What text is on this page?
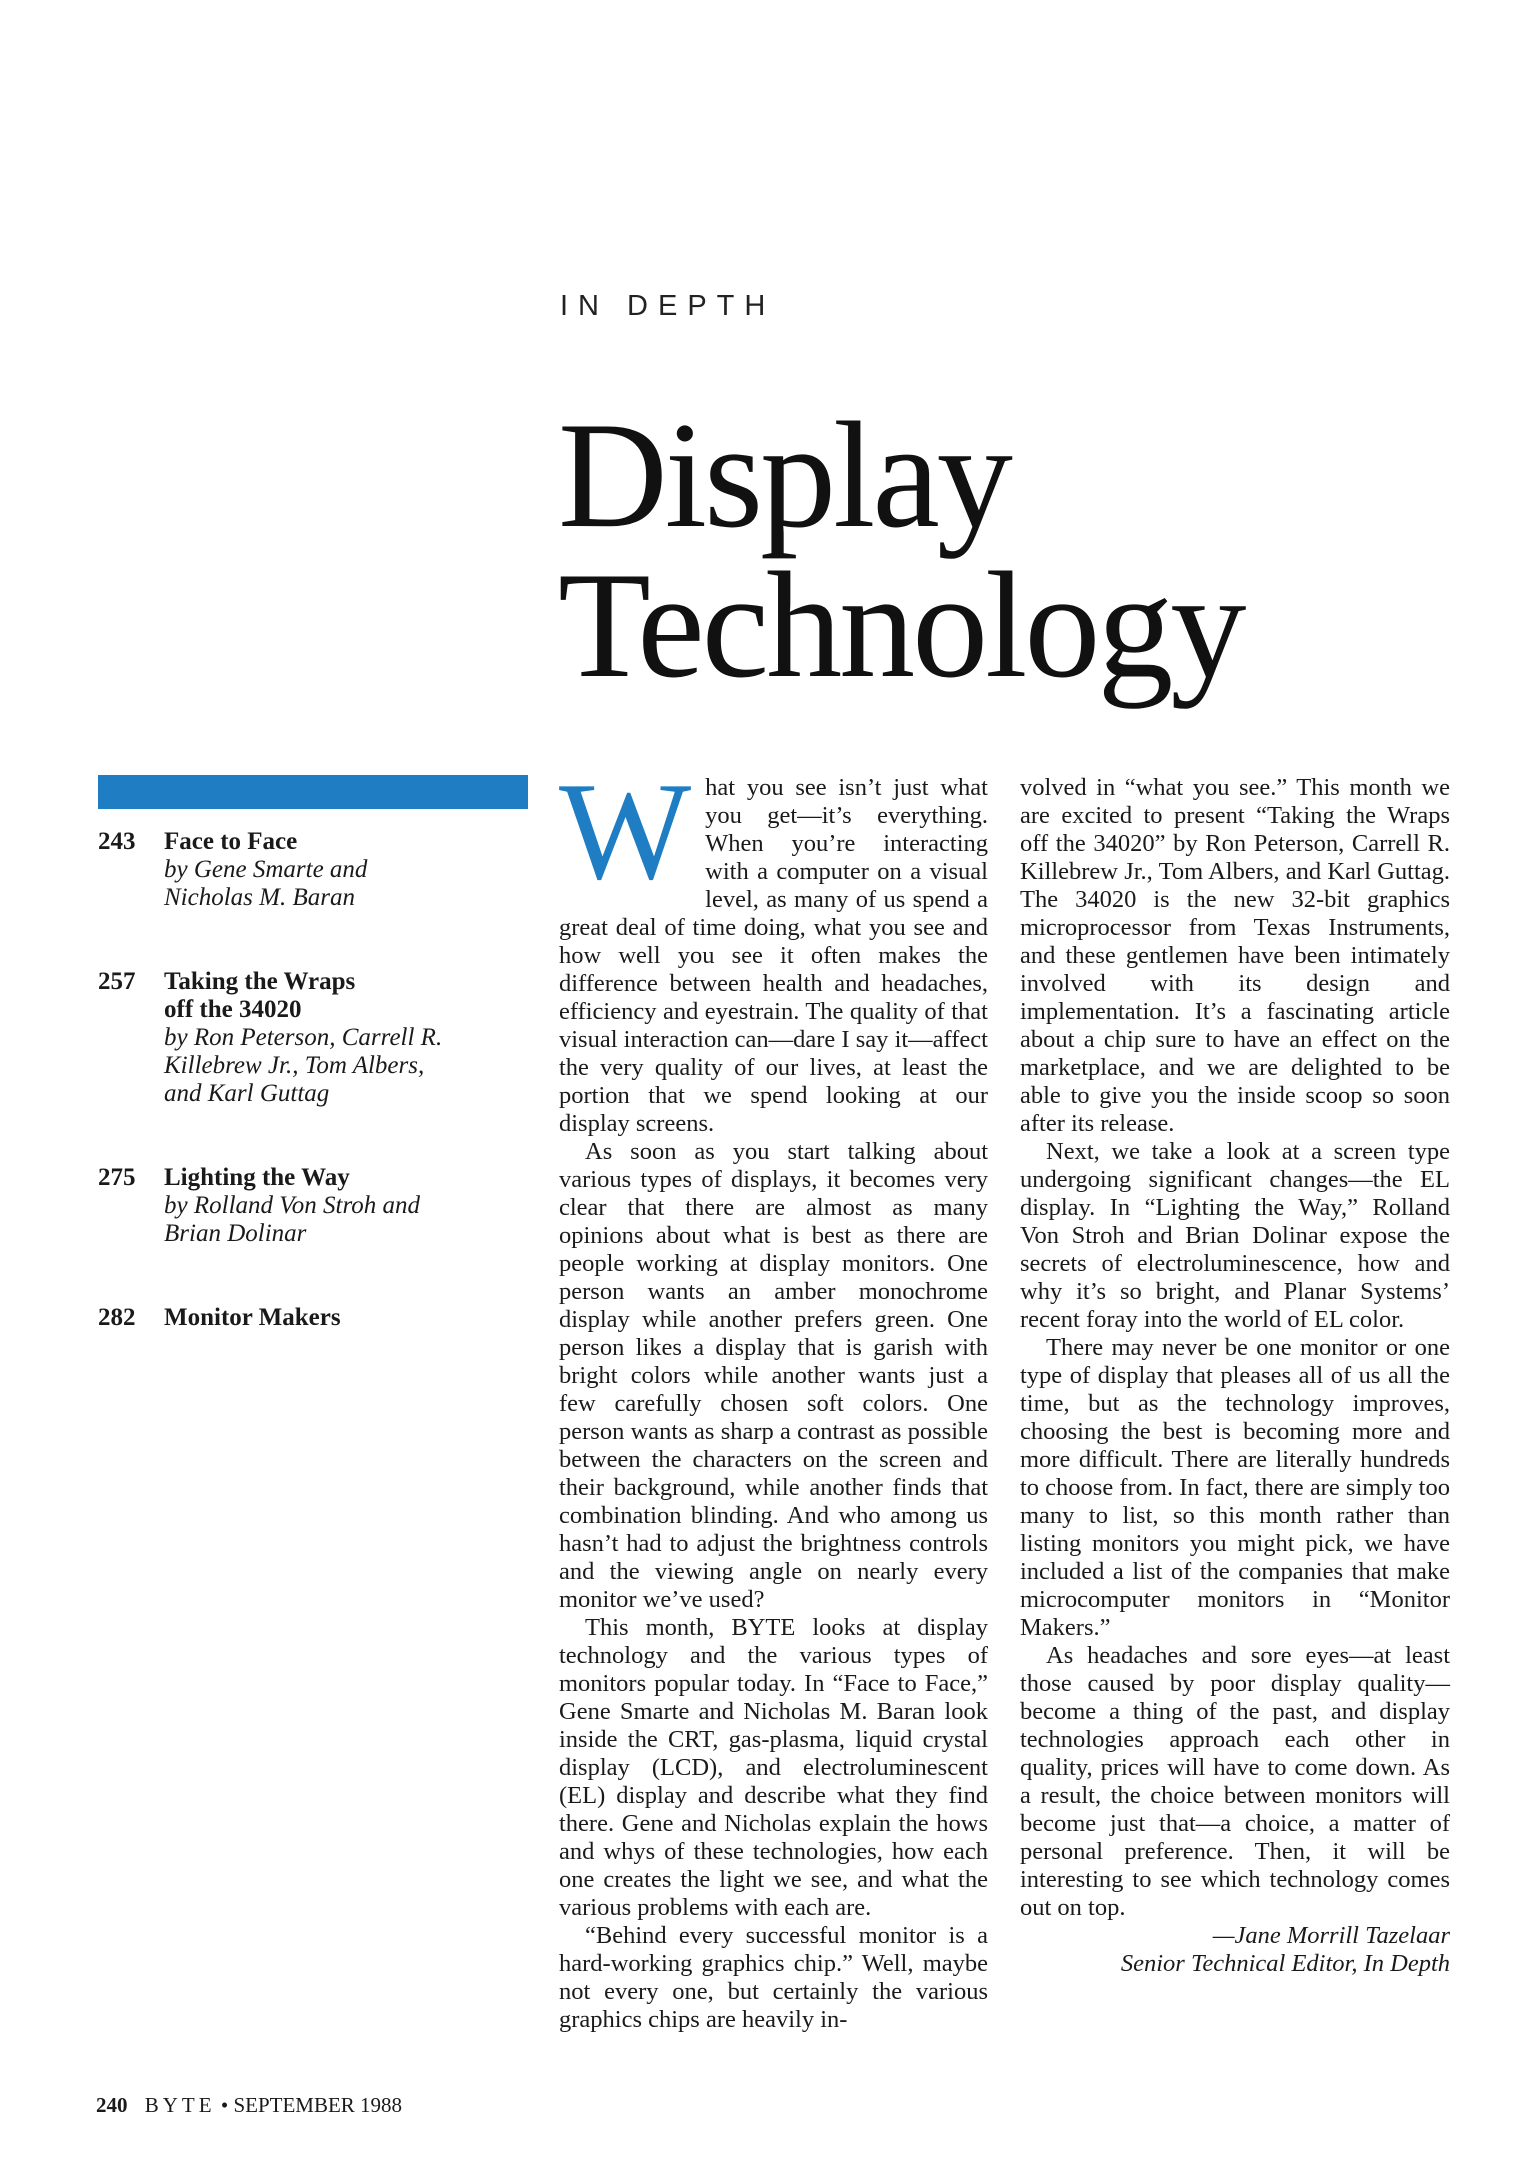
IN DEPTH
Display
Technology
243 Face to Face
by Gene Smarte and
Nicholas M. Baran
257 Taking the Wraps
off the 34020
by Ron Peterson, Carrell R.
Killebrew Jr., Tom Albers,
and Karl Guttag
275 Lighting the Way
by Rolland Von Stroh and
Brian Dolinar
282 Monitor Makers
W hat you see isn’t just what you get—it’s everything. When you’re interacting with a computer on a visual level, as many of us spend a great deal of time doing, what you see and how well you see it often makes the difference between health and headaches, efficiency and eyestrain. The quality of that visual interaction can—dare I say it—affect the very quality of our lives, at least the portion that we spend looking at our display screens.

As soon as you start talking about various types of displays, it becomes very clear that there are almost as many opinions about what is best as there are people working at display monitors. One person wants an amber monochrome display while another prefers green. One person likes a display that is garish with bright colors while another wants just a few carefully chosen soft colors. One person wants as sharp a contrast as possible between the characters on the screen and their background, while another finds that combination blinding. And who among us hasn’t had to adjust the brightness controls and the viewing angle on nearly every monitor we’ve used?

This month, BYTE looks at display technology and the various types of monitors popular today. In “Face to Face,” Gene Smarte and Nicholas M. Baran look inside the CRT, gas-plasma, liquid crystal display (LCD), and electroluminescent (EL) display and describe what they find there. Gene and Nicholas explain the hows and whys of these technologies, how each one creates the light we see, and what the various problems with each are.

“Behind every successful monitor is a hard-working graphics chip.” Well, maybe not every one, but certainly the various graphics chips are heavily in-

volved in “what you see.” This month we are excited to present “Taking the Wraps off the 34020” by Ron Peterson, Carrell R. Killebrew Jr., Tom Albers, and Karl Guttag. The 34020 is the new 32-bit graphics microprocessor from Texas Instruments, and these gentlemen have been intimately involved with its design and implementation. It’s a fascinating article about a chip sure to have an effect on the marketplace, and we are delighted to be able to give you the inside scoop so soon after its release.

Next, we take a look at a screen type undergoing significant changes—the EL display. In “Lighting the Way,” Rolland Von Stroh and Brian Dolinar expose the secrets of electroluminescence, how and why it’s so bright, and Planar Systems’ recent foray into the world of EL color.

There may never be one monitor or one type of display that pleases all of us all the time, but as the technology improves, choosing the best is becoming more and more difficult. There are literally hundreds to choose from. In fact, there are simply too many to list, so this month rather than listing monitors you might pick, we have included a list of the companies that make microcomputer monitors in “Monitor Makers.”

As headaches and sore eyes—at least those caused by poor display quality—become a thing of the past, and display technologies approach each other in quality, prices will have to come down. As a result, the choice between monitors will become just that—a choice, a matter of personal preference. Then, it will be interesting to see which technology comes out on top.

—Jane Morrill Tazelaar

Senior Technical Editor, In Depth

240 BYTE • SEPTEMBER 1988
